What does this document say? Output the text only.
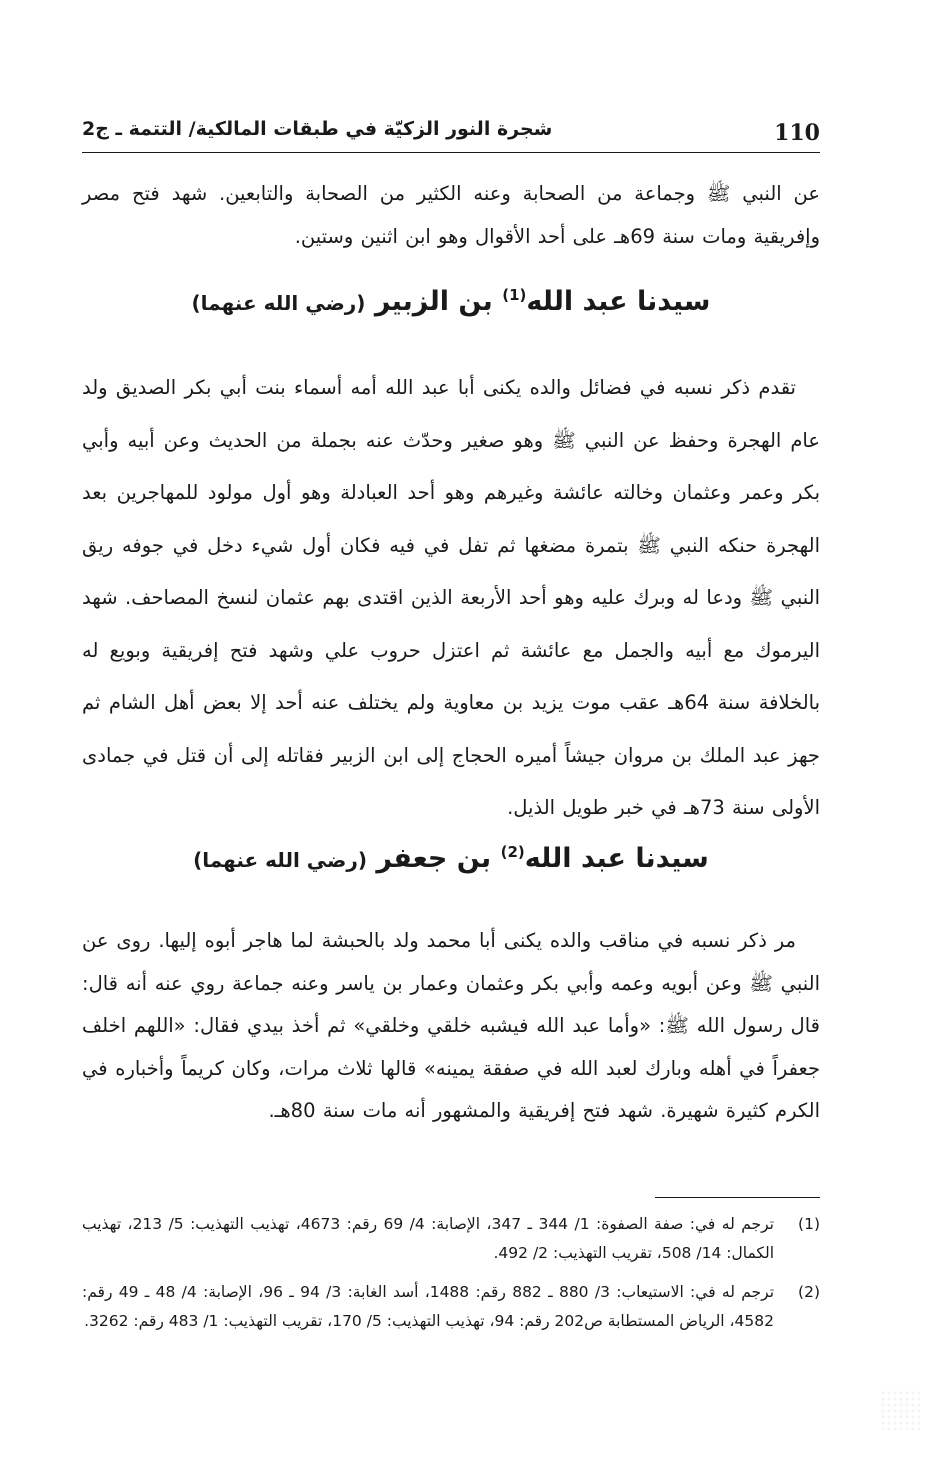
110
شجرة النور الزكيّة في طبقات المالكية/ التتمة ـ ج2
عن النبي ﷺ وجماعة من الصحابة وعنه الكثير من الصحابة والتابعين. شهد فتح مصر وإفريقية ومات سنة 69هـ على أحد الأقوال وهو ابن اثنين وستين.
سيدنا عبد الله$^{(1)}$ بن الزبير (رضي الله عنهما)
تقدم ذكر نسبه في فضائل والده يكنى أبا عبد الله أمه أسماء بنت أبي بكر الصديق ولد عام الهجرة وحفظ عن النبي ﷺ وهو صغير وحدّث عنه بجملة من الحديث وعن أبيه وأبي بكر وعمر وعثمان وخالته عائشة وغيرهم وهو أحد العبادلة وهو أول مولود للمهاجرين بعد الهجرة حنكه النبي ﷺ بتمرة مضغها ثم تفل في فيه فكان أول شيء دخل في جوفه ريق النبي ﷺ ودعا له وبرك عليه وهو أحد الأربعة الذين اقتدى بهم عثمان لنسخ المصاحف. شهد اليرموك مع أبيه والجمل مع عائشة ثم اعتزل حروب علي وشهد فتح إفريقية وبويع له بالخلافة سنة 64هـ عقب موت يزيد بن معاوية ولم يختلف عنه أحد إلا بعض أهل الشام ثم جهز عبد الملك بن مروان جيشاً أميره الحجاج إلى ابن الزبير فقاتله إلى أن قتل في جمادى الأولى سنة 73هـ في خبر طويل الذيل.
سيدنا عبد الله$^{(2)}$ بن جعفر (رضي الله عنهما)
مر ذكر نسبه في مناقب والده يكنى أبا محمد ولد بالحبشة لما هاجر أبوه إليها. روى عن النبي ﷺ وعن أبويه وعمه وأبي بكر وعثمان وعمار بن ياسر وعنه جماعة روي عنه أنه قال: قال رسول الله ﷺ: «وأما عبد الله فيشبه خلقي وخلقي» ثم أخذ بيدي فقال: «اللهم اخلف جعفراً في أهله وبارك لعبد الله في صفقة يمينه» قالها ثلاث مرات، وكان كريماً وأخباره في الكرم كثيرة شهيرة. شهد فتح إفريقية والمشهور أنه مات سنة 80هـ.
(1)
ترجم له في: صفة الصفوة: 1/ 344 ـ 347، الإصابة: 4/ 69 رقم: 4673، تهذيب التهذيب: 5/ 213، تهذيب الكمال: 14/ 508، تقريب التهذيب: 2/ 492.
(2)
ترجم له في: الاستيعاب: 3/ 880 ـ 882 رقم: 1488، أسد الغابة: 3/ 94 ـ 96، الإصابة: 4/ 48 ـ 49 رقم: 4582، الرياض المستطابة ص202 رقم: 94، تهذيب التهذيب: 5/ 170، تقريب التهذيب: 1/ 483 رقم: 3262.
